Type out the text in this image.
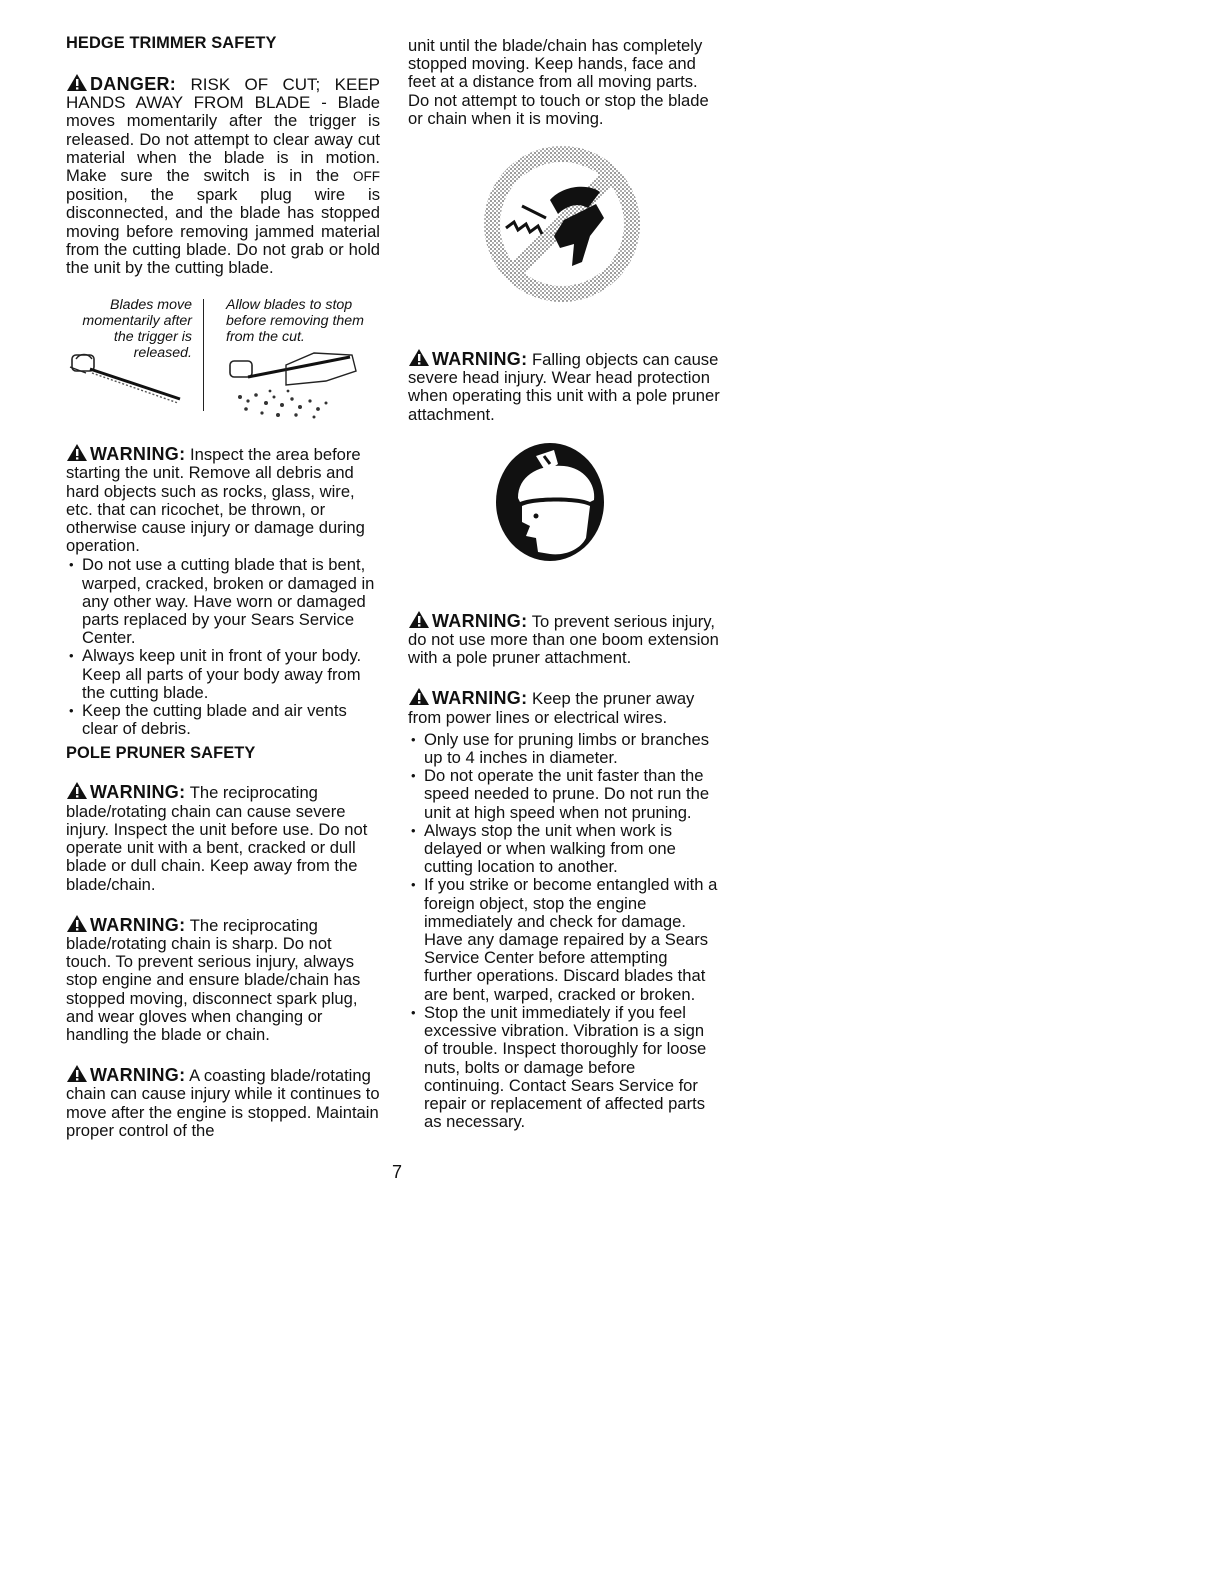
HEDGE TRIMMER SAFETY

DANGER: RISK OF CUT; KEEP HANDS AWAY FROM BLADE - Blade moves momentarily after the trigger is released. Do not attempt to clear away cut material when the blade is in motion. Make sure the switch is in the OFF position, the spark plug wire is disconnected, and the blade has stopped moving before removing jammed material from the cutting blade. Do not grab or hold the unit by the cutting blade.

Blades move momentarily after the trigger is released.
Allow blades to stop before removing them from the cut.

WARNING: Inspect the area before starting the unit. Remove all debris and hard objects such as rocks, glass, wire, etc. that can ricochet, be thrown, or otherwise cause injury or damage during operation.

• Do not use a cutting blade that is bent, warped, cracked, broken or damaged in any other way. Have worn or damaged parts replaced by your Sears Service Center.
• Always keep unit in front of your body. Keep all parts of your body away from the cutting blade.
• Keep the cutting blade and air vents clear of debris.

POLE PRUNER SAFETY

WARNING: The reciprocating blade/rotating chain can cause severe injury. Inspect the unit before use. Do not operate unit with a bent, cracked or dull blade or dull chain. Keep away from the blade/chain.

WARNING: The reciprocating blade/rotating chain is sharp. Do not touch. To prevent serious injury, always stop engine and ensure blade/chain has stopped moving, disconnect spark plug, and wear gloves when changing or handling the blade or chain.

WARNING: A coasting blade/rotating chain can cause injury while it continues to move after the engine is stopped. Maintain proper control of the

unit until the blade/chain has completely stopped moving. Keep hands, face and feet at a distance from all moving parts. Do not attempt to touch or stop the blade or chain when it is moving.

WARNING: Falling objects can cause severe head injury. Wear head protection when operating this unit with a pole pruner attachment.

WARNING: To prevent serious injury, do not use more than one boom extension with a pole pruner attachment.

WARNING: Keep the pruner away from power lines or electrical wires.

• Only use for pruning limbs or branches up to 4 inches in diameter.
• Do not operate the unit faster than the speed needed to prune. Do not run the unit at high speed when not pruning.
• Always stop the unit when work is delayed or when walking from one cutting location to another.
• If you strike or become entangled with a foreign object, stop the engine immediately and check for damage. Have any damage repaired by a Sears Service Center before attempting further operations. Discard blades that are bent, warped, cracked or broken.
• Stop the unit immediately if you feel excessive vibration. Vibration is a sign of trouble. Inspect thoroughly for loose nuts, bolts or damage before continuing. Contact Sears Service for repair or replacement of affected parts as necessary.
7
